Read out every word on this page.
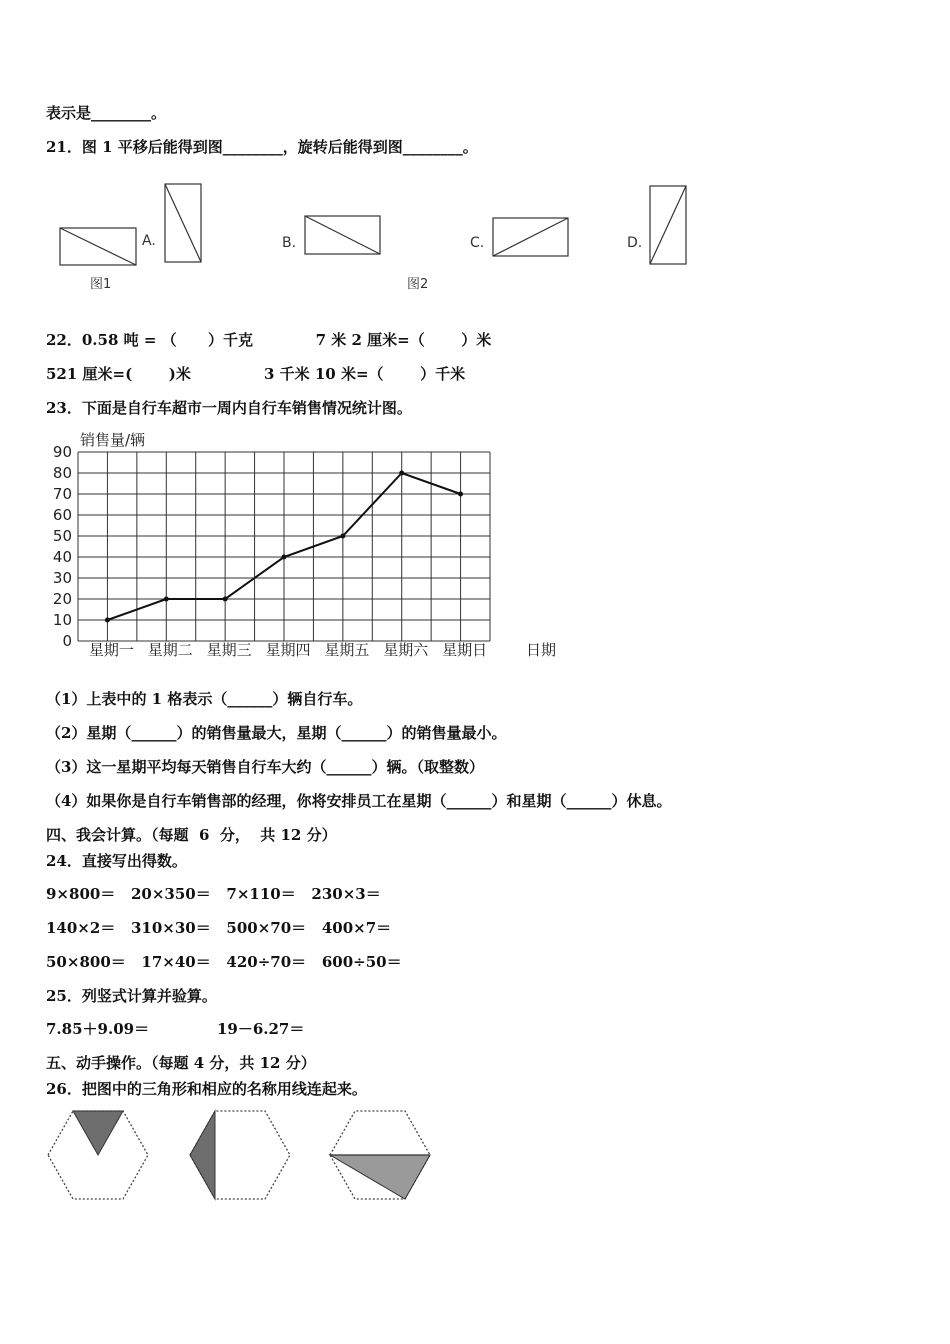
表示是________。
21．图 1 平移后能得到图________，旋转后能得到图________。
图1
A.	B.	C.	D.
图2
22．0.58 吨 = （      ）千克            7 米 2 厘米=（       ）米
521 厘米=(       )米              3 千米 10 米=（       ）千米
23．下面是自行车超市一周内自行车销售情况统计图。
销售量/辆
0
10
20
30
40
50
60
70
80
90
星期一 星期二 星期三 星期四 星期五 星期六 星期日	日期
（1）上表中的 1 格表示（______）辆自行车。
（2）星期（______）的销售量最大，星期（______）的销售量最小。
（3）这一星期平均每天销售自行车大约（______）辆。（取整数）
（4）如果你是自行车销售部的经理，你将安排员工在星期（______）和星期（______）休息。
四、我会计算。（每题  6  分，  共 12 分）
24．直接写出得数。
9×800＝   20×350＝   7×110＝   230×3＝
140×2＝   310×30＝   500×70＝   400×7＝
50×800＝   17×40＝   420÷70＝   600÷50＝
25．列竖式计算并验算。
7.85＋9.09＝             19－6.27＝
五、动手操作。（每题 4 分，共 12 分）
26．把图中的三角形和相应的名称用线连起来。
